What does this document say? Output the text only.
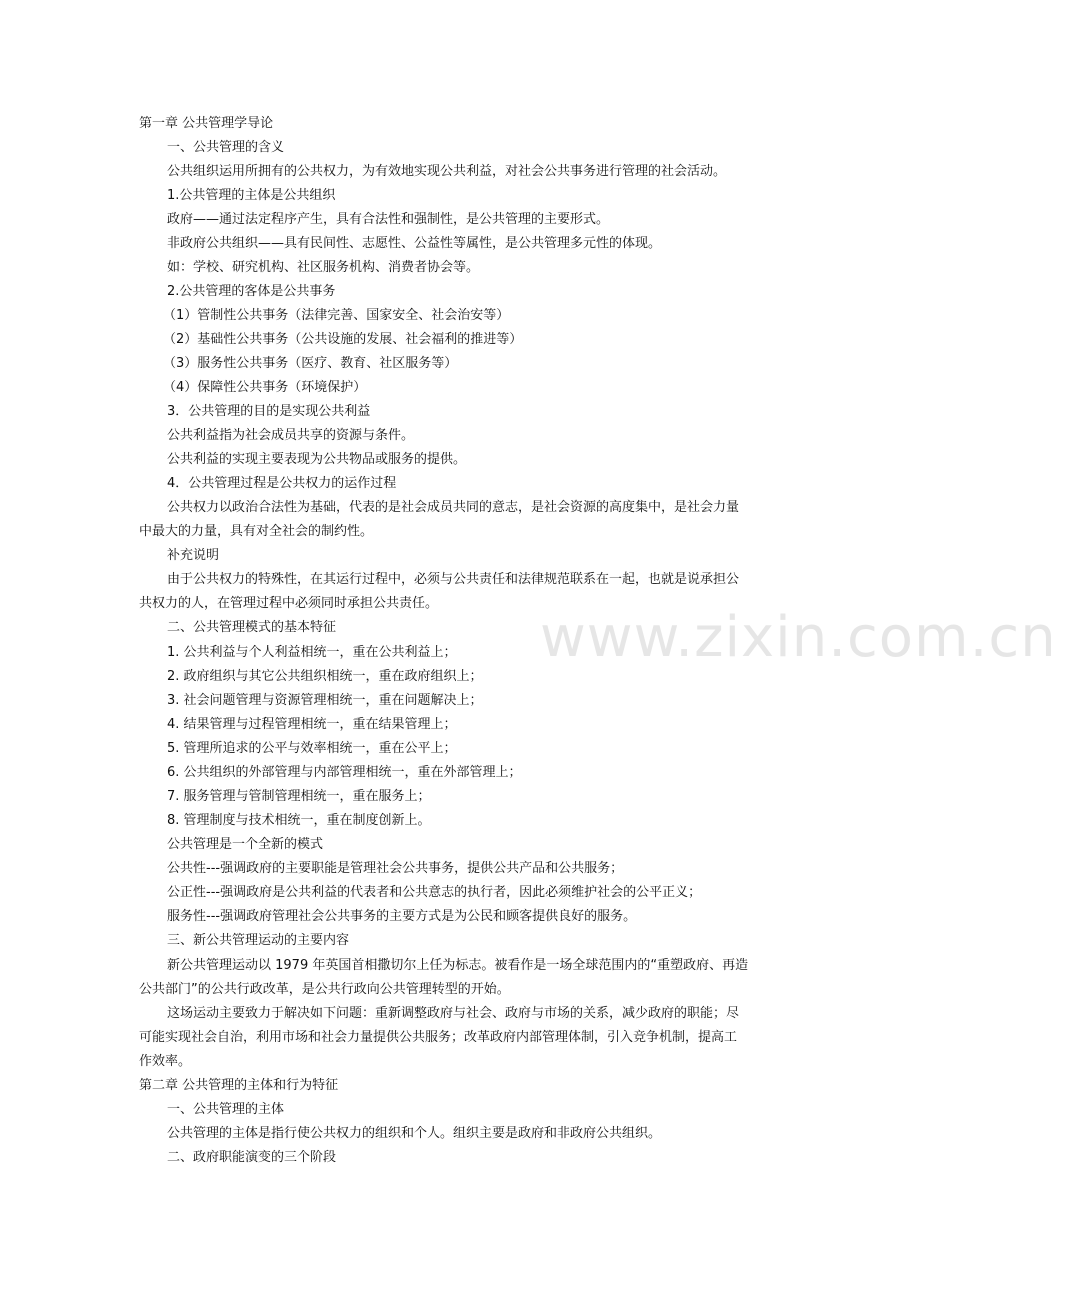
www.zixin.com.cn
第一章 公共管理学导论
一、公共管理的含义
公共组织运用所拥有的公共权力，为有效地实现公共利益，对社会公共事务进行管理的社会活动。
1.公共管理的主体是公共组织
政府——通过法定程序产生，具有合法性和强制性，是公共管理的主要形式。
非政府公共组织——具有民间性、志愿性、公益性等属性，是公共管理多元性的体现。
如：学校、研究机构、社区服务机构、消费者协会等。
2.公共管理的客体是公共事务
（1）管制性公共事务（法律完善、国家安全、社会治安等）
（2）基础性公共事务（公共设施的发展、社会福利的推进等）
（3）服务性公共事务（医疗、教育、社区服务等）
（4）保障性公共事务（环境保护）
3．公共管理的目的是实现公共利益
公共利益指为社会成员共享的资源与条件。
公共利益的实现主要表现为公共物品或服务的提供。
4．公共管理过程是公共权力的运作过程
公共权力以政治合法性为基础，代表的是社会成员共同的意志，是社会资源的高度集中，是社会力量
中最大的力量，具有对全社会的制约性。
补充说明
由于公共权力的特殊性，在其运行过程中，必须与公共责任和法律规范联系在一起，也就是说承担公
共权力的人，在管理过程中必须同时承担公共责任。
二、公共管理模式的基本特征
1. 公共利益与个人利益相统一，重在公共利益上；
2. 政府组织与其它公共组织相统一，重在政府组织上；
3. 社会问题管理与资源管理相统一，重在问题解决上；
4. 结果管理与过程管理相统一，重在结果管理上；
5. 管理所追求的公平与效率相统一，重在公平上；
6. 公共组织的外部管理与内部管理相统一，重在外部管理上；
7. 服务管理与管制管理相统一，重在服务上；
8. 管理制度与技术相统一，重在制度创新上。
公共管理是一个全新的模式
公共性---强调政府的主要职能是管理社会公共事务，提供公共产品和公共服务；
公正性---强调政府是公共利益的代表者和公共意志的执行者，因此必须维护社会的公平正义；
服务性---强调政府管理社会公共事务的主要方式是为公民和顾客提供良好的服务。
三、新公共管理运动的主要内容
新公共管理运动以 1979 年英国首相撒切尔上任为标志。被看作是一场全球范围内的“重塑政府、再造
公共部门”的公共行政改革，是公共行政向公共管理转型的开始。
这场运动主要致力于解决如下问题：重新调整政府与社会、政府与市场的关系，减少政府的职能；尽
可能实现社会自治，利用市场和社会力量提供公共服务；改革政府内部管理体制，引入竞争机制，提高工
作效率。
第二章 公共管理的主体和行为特征
一、公共管理的主体
公共管理的主体是指行使公共权力的组织和个人。组织主要是政府和非政府公共组织。
二、政府职能演变的三个阶段
